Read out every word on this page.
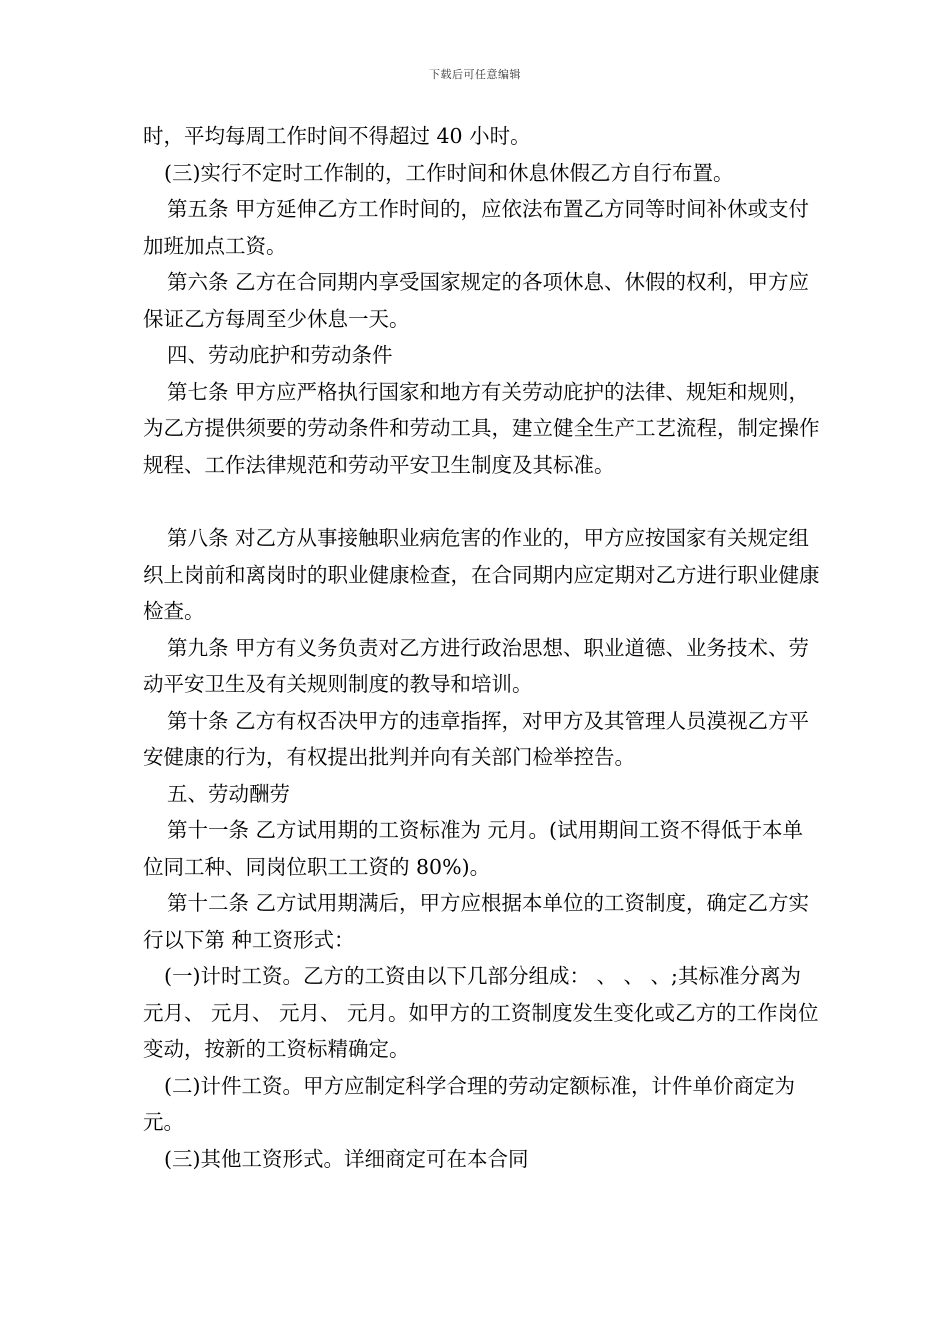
下载后可任意编辑

时，平均每周工作时间不得超过 40 小时。

(三)实行不定时工作制的，工作时间和休息休假乙方自行布置。

第五条 甲方延伸乙方工作时间的，应依法布置乙方同等时间补休或支付加班加点工资。

第六条 乙方在合同期内享受国家规定的各项休息、休假的权利，甲方应保证乙方每周至少休息一天。

四、劳动庇护和劳动条件

第七条 甲方应严格执行国家和地方有关劳动庇护的法律、规矩和规则，为乙方提供须要的劳动条件和劳动工具，建立健全生产工艺流程，制定操作规程、工作法律规范和劳动平安卫生制度及其标准。

第八条 对乙方从事接触职业病危害的作业的，甲方应按国家有关规定组织上岗前和离岗时的职业健康检查，在合同期内应定期对乙方进行职业健康检查。

第九条 甲方有义务负责对乙方进行政治思想、职业道德、业务技术、劳动平安卫生及有关规则制度的教导和培训。

第十条 乙方有权否决甲方的违章指挥，对甲方及其管理人员漠视乙方平安健康的行为，有权提出批判并向有关部门检举控告。

五、劳动酬劳

第十一条 乙方试用期的工资标准为 元月。(试用期间工资不得低于本单位同工种、同岗位职工工资的 80%)。

第十二条 乙方试用期满后，甲方应根据本单位的工资制度，确定乙方实行以下第 种工资形式：

(一)计时工资。乙方的工资由以下几部分组成： 、 、 、;其标准分离为 元月、 元月、 元月、 元月。如甲方的工资制度发生变化或乙方的工作岗位变动，按新的工资标精确定。

(二)计件工资。甲方应制定科学合理的劳动定额标准，计件单价商定为 元。

(三)其他工资形式。详细商定可在本合同
